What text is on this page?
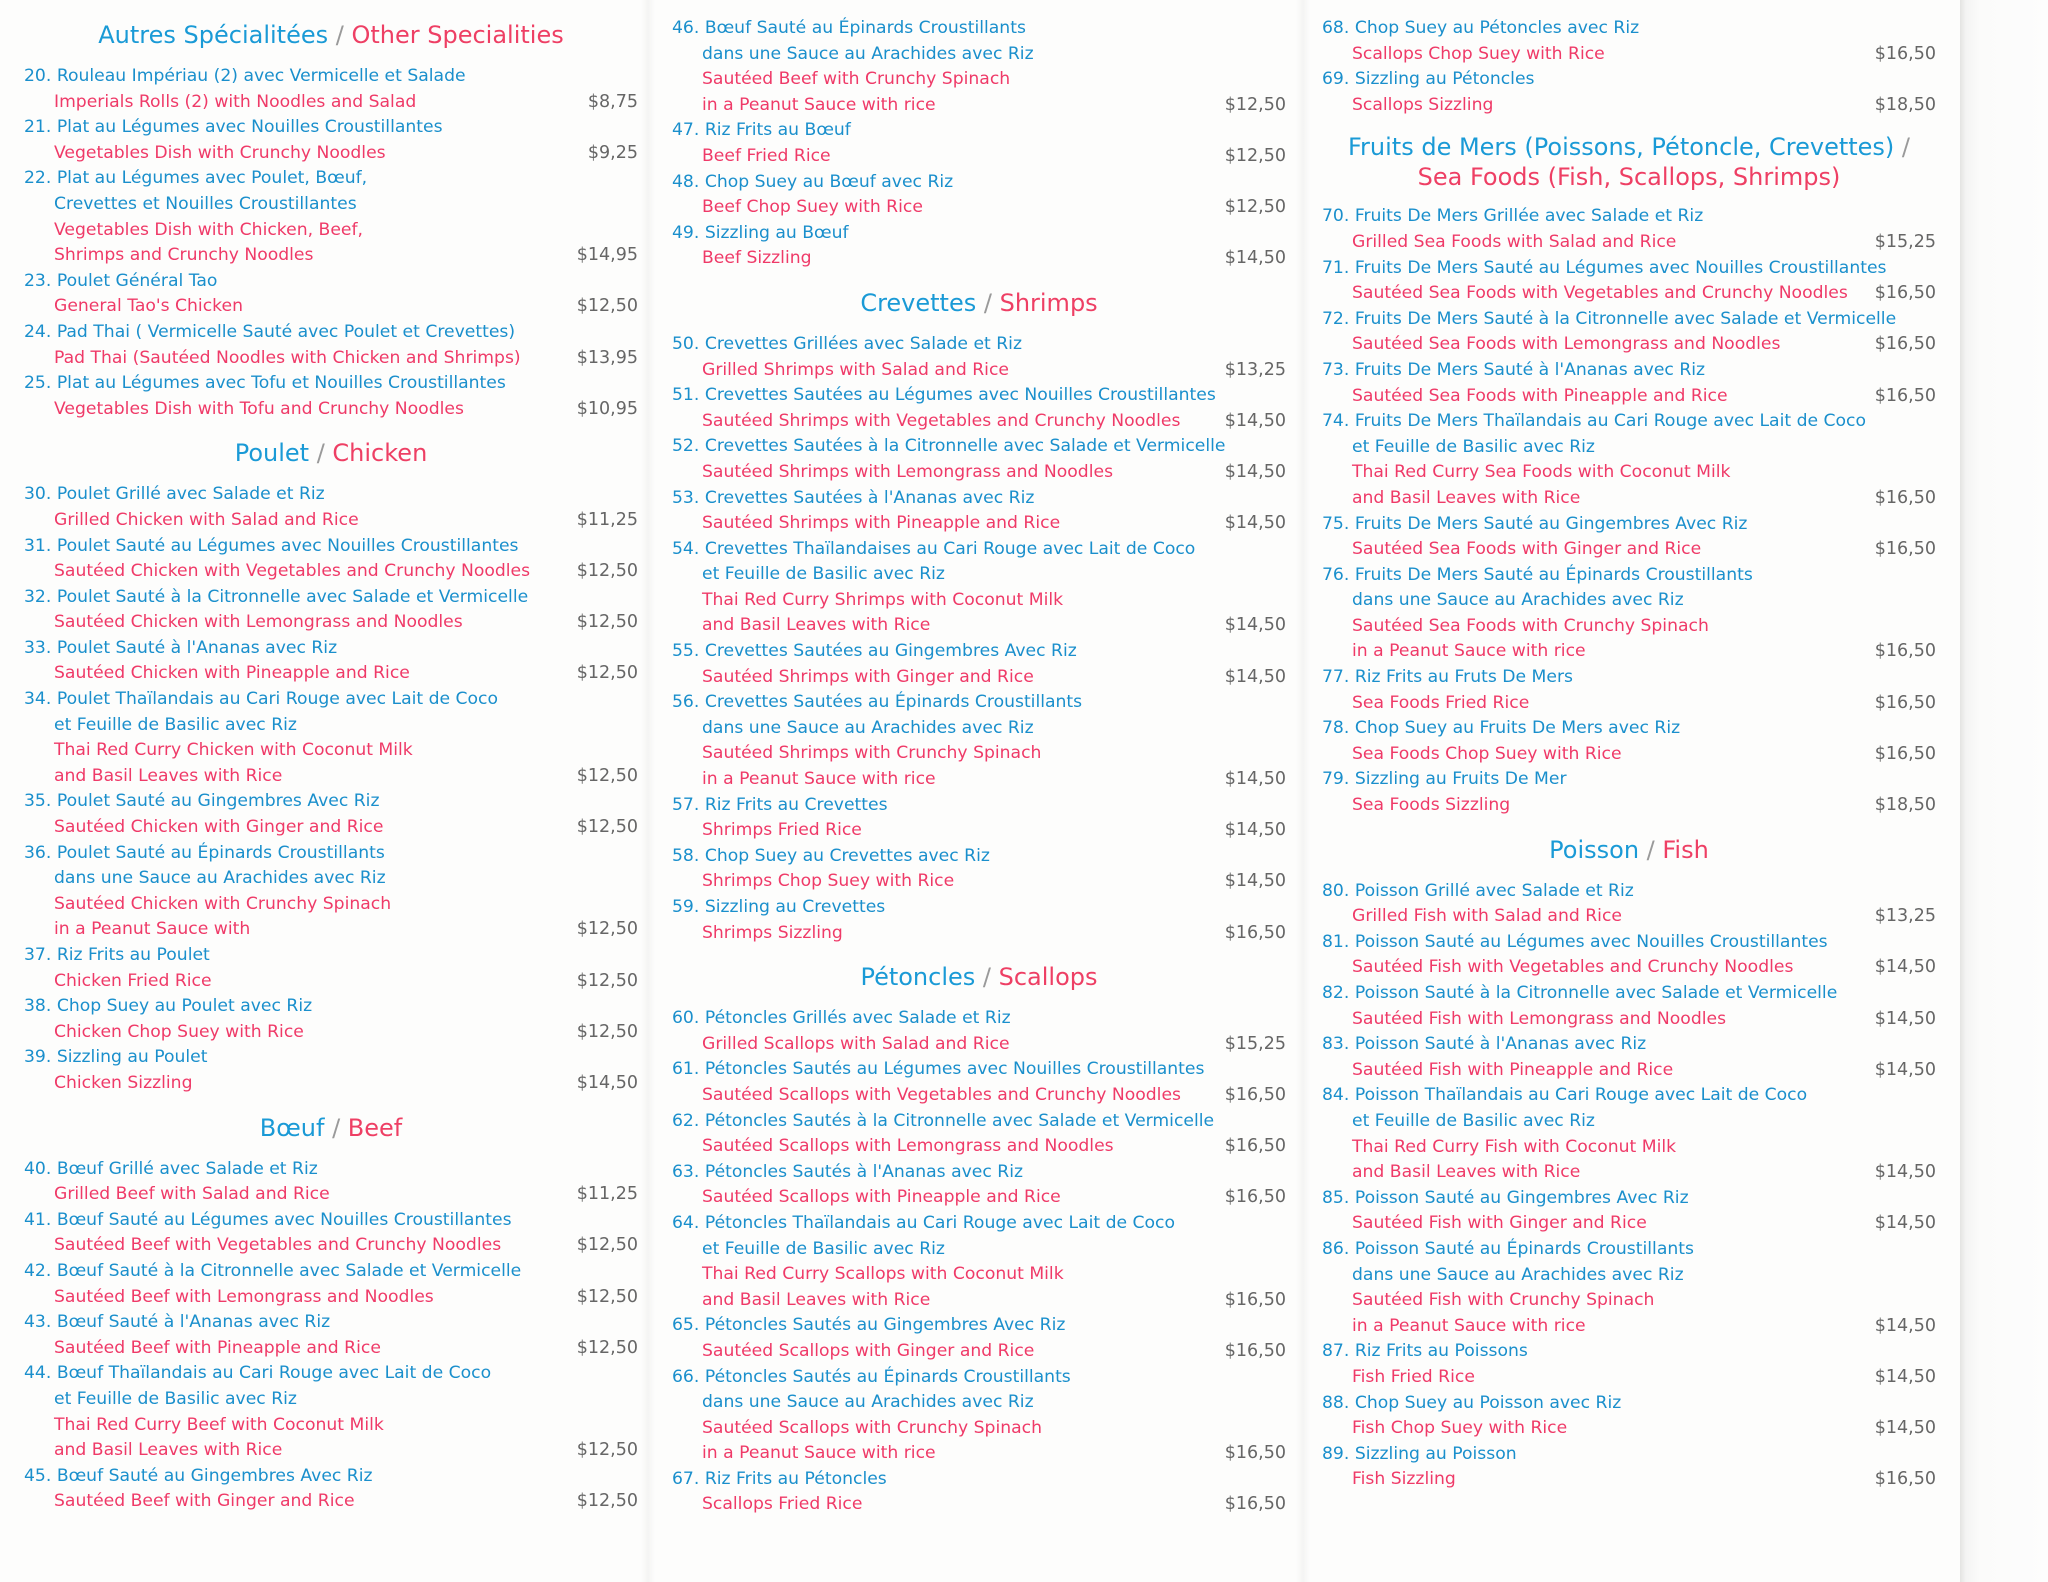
Autres Spécialitées / Other Specialities
20. Rouleau Impériau (2) avec Vermicelle et Salade
Imperials Rolls (2) with Noodles and Salad	$8,75
21. Plat au Légumes avec Nouilles Croustillantes
Vegetables Dish with Crunchy Noodles	$9,25
22. Plat au Légumes avec Poulet, Bœuf,
Crevettes et Nouilles Croustillantes
Vegetables Dish with Chicken, Beef,
Shrimps and Crunchy Noodles	$14,95
23. Poulet Général Tao
General Tao's Chicken	$12,50
24. Pad Thai ( Vermicelle Sauté avec Poulet et Crevettes)
Pad Thai (Sautéed Noodles with Chicken and Shrimps)	$13,95
25. Plat au Légumes avec Tofu et Nouilles Croustillantes
Vegetables Dish with Tofu and Crunchy Noodles	$10,95
Poulet / Chicken
30. Poulet Grillé avec Salade et Riz
Grilled Chicken with Salad and Rice	$11,25
31. Poulet Sauté au Légumes avec Nouilles Croustillantes
Sautéed Chicken with Vegetables and Crunchy Noodles	$12,50
32. Poulet Sauté à la Citronnelle avec Salade et Vermicelle
Sautéed Chicken with Lemongrass and Noodles	$12,50
33. Poulet Sauté à l'Ananas avec Riz
Sautéed Chicken with Pineapple and Rice	$12,50
34. Poulet Thaïlandais au Cari Rouge avec Lait de Coco
et Feuille de Basilic avec Riz
Thai Red Curry Chicken with Coconut Milk
and Basil Leaves with Rice	$12,50
35. Poulet Sauté au Gingembres Avec Riz
Sautéed Chicken with Ginger and Rice	$12,50
36. Poulet Sauté au Épinards Croustillants
dans une Sauce au Arachides avec Riz
Sautéed Chicken with Crunchy Spinach
in a Peanut Sauce with	$12,50
37. Riz Frits au Poulet
Chicken Fried Rice	$12,50
38. Chop Suey au Poulet avec Riz
Chicken Chop Suey with Rice	$12,50
39. Sizzling au Poulet
Chicken Sizzling	$14,50
Bœuf / Beef
40. Bœuf Grillé avec Salade et Riz
Grilled Beef with Salad and Rice	$11,25
41. Bœuf Sauté au Légumes avec Nouilles Croustillantes
Sautéed Beef with Vegetables and Crunchy Noodles	$12,50
42. Bœuf Sauté à la Citronnelle avec Salade et Vermicelle
Sautéed Beef with Lemongrass and Noodles	$12,50
43. Bœuf Sauté à l'Ananas avec Riz
Sautéed Beef with Pineapple and Rice	$12,50
44. Bœuf Thaïlandais au Cari Rouge avec Lait de Coco
et Feuille de Basilic avec Riz
Thai Red Curry Beef with Coconut Milk
and Basil Leaves with Rice	$12,50
45. Bœuf Sauté au Gingembres Avec Riz
Sautéed Beef with Ginger and Rice	$12,50
46. Bœuf Sauté au Épinards Croustillants
dans une Sauce au Arachides avec Riz
Sautéed Beef with Crunchy Spinach
in a Peanut Sauce with rice	$12,50
47. Riz Frits au Bœuf
Beef Fried Rice	$12,50
48. Chop Suey au Bœuf avec Riz
Beef Chop Suey with Rice	$12,50
49. Sizzling au Bœuf
Beef Sizzling	$14,50
Crevettes / Shrimps
50. Crevettes Grillées avec Salade et Riz
Grilled Shrimps with Salad and Rice	$13,25
51. Crevettes Sautées au Légumes avec Nouilles Croustillantes
Sautéed Shrimps with Vegetables and Crunchy Noodles	$14,50
52. Crevettes Sautées à la Citronnelle avec Salade et Vermicelle
Sautéed Shrimps with Lemongrass and Noodles	$14,50
53. Crevettes Sautées à l'Ananas avec Riz
Sautéed Shrimps with Pineapple and Rice	$14,50
54. Crevettes Thaïlandaises au Cari Rouge avec Lait de Coco
et Feuille de Basilic avec Riz
Thai Red Curry Shrimps with Coconut Milk
and Basil Leaves with Rice	$14,50
55. Crevettes Sautées au Gingembres Avec Riz
Sautéed Shrimps with Ginger and Rice	$14,50
56. Crevettes Sautées au Épinards Croustillants
dans une Sauce au Arachides avec Riz
Sautéed Shrimps with Crunchy Spinach
in a Peanut Sauce with rice	$14,50
57. Riz Frits au Crevettes
Shrimps Fried Rice	$14,50
58. Chop Suey au Crevettes avec Riz
Shrimps Chop Suey with Rice	$14,50
59. Sizzling au Crevettes
Shrimps Sizzling	$16,50
Pétoncles / Scallops
60. Pétoncles Grillés avec Salade et Riz
Grilled Scallops with Salad and Rice	$15,25
61. Pétoncles Sautés au Légumes avec Nouilles Croustillantes
Sautéed Scallops with Vegetables and Crunchy Noodles	$16,50
62. Pétoncles Sautés à la Citronnelle avec Salade et Vermicelle
Sautéed Scallops with Lemongrass and Noodles	$16,50
63. Pétoncles Sautés à l'Ananas avec Riz
Sautéed Scallops with Pineapple and Rice	$16,50
64. Pétoncles Thaïlandais au Cari Rouge avec Lait de Coco
et Feuille de Basilic avec Riz
Thai Red Curry Scallops with Coconut Milk
and Basil Leaves with Rice	$16,50
65. Pétoncles Sautés au Gingembres Avec Riz
Sautéed Scallops with Ginger and Rice	$16,50
66. Pétoncles Sautés au Épinards Croustillants
dans une Sauce au Arachides avec Riz
Sautéed Scallops with Crunchy Spinach
in a Peanut Sauce with rice	$16,50
67. Riz Frits au Pétoncles
Scallops Fried Rice	$16,50
68. Chop Suey au Pétoncles avec Riz
Scallops Chop Suey with Rice	$16,50
69. Sizzling au Pétoncles
Scallops Sizzling	$18,50
Fruits de Mers (Poissons, Pétoncle, Crevettes) / Sea Foods (Fish, Scallops, Shrimps)
70. Fruits De Mers Grillée avec Salade et Riz
Grilled Sea Foods with Salad and Rice	$15,25
71. Fruits De Mers Sauté au Légumes avec Nouilles Croustillantes
Sautéed Sea Foods with Vegetables and Crunchy Noodles	$16,50
72. Fruits De Mers Sauté à la Citronnelle avec Salade et Vermicelle
Sautéed Sea Foods with Lemongrass and Noodles	$16,50
73. Fruits De Mers Sauté à l'Ananas avec Riz
Sautéed Sea Foods with Pineapple and Rice	$16,50
74. Fruits De Mers Thaïlandais au Cari Rouge avec Lait de Coco
et Feuille de Basilic avec Riz
Thai Red Curry Sea Foods with Coconut Milk
and Basil Leaves with Rice	$16,50
75. Fruits De Mers Sauté au Gingembres Avec Riz
Sautéed Sea Foods with Ginger and Rice	$16,50
76. Fruits De Mers Sauté au Épinards Croustillants
dans une Sauce au Arachides avec Riz
Sautéed Sea Foods with Crunchy Spinach
in a Peanut Sauce with rice	$16,50
77. Riz Frits au Fruts De Mers
Sea Foods Fried Rice	$16,50
78. Chop Suey au Fruits De Mers avec Riz
Sea Foods Chop Suey with Rice	$16,50
79. Sizzling au Fruits De Mer
Sea Foods Sizzling	$18,50
Poisson / Fish
80. Poisson Grillé avec Salade et Riz
Grilled Fish with Salad and Rice	$13,25
81. Poisson Sauté au Légumes avec Nouilles Croustillantes
Sautéed Fish with Vegetables and Crunchy Noodles	$14,50
82. Poisson Sauté à la Citronnelle avec Salade et Vermicelle
Sautéed Fish with Lemongrass and Noodles	$14,50
83. Poisson Sauté à l'Ananas avec Riz
Sautéed Fish with Pineapple and Rice	$14,50
84. Poisson Thaïlandais au Cari Rouge avec Lait de Coco
et Feuille de Basilic avec Riz
Thai Red Curry Fish with Coconut Milk
and Basil Leaves with Rice	$14,50
85. Poisson Sauté au Gingembres Avec Riz
Sautéed Fish with Ginger and Rice	$14,50
86. Poisson Sauté au Épinards Croustillants
dans une Sauce au Arachides avec Riz
Sautéed Fish with Crunchy Spinach
in a Peanut Sauce with rice	$14,50
87. Riz Frits au Poissons
Fish Fried Rice	$14,50
88. Chop Suey au Poisson avec Riz
Fish Chop Suey with Rice	$14,50
89. Sizzling au Poisson
Fish Sizzling	$16,50
